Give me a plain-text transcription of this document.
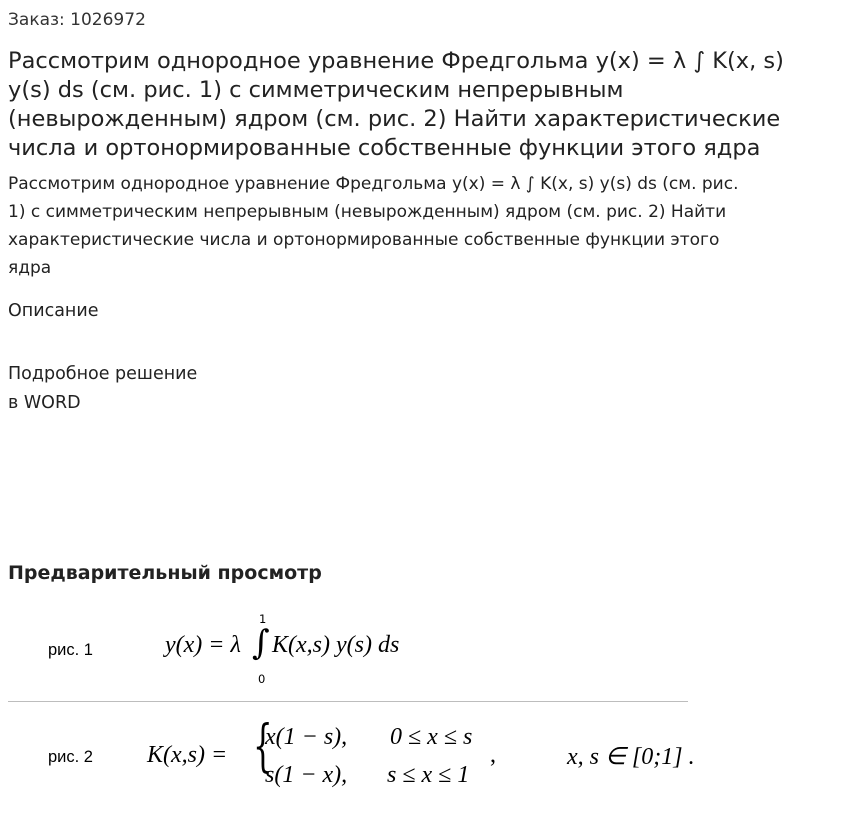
Заказ: 1026972
Рассмотрим однородное уравнение Фредгольма y(x) = λ ∫ K(x, s)
y(s) ds (см. рис. 1) с симметрическим непрерывным
(невырожденным) ядром (см. рис. 2) Найти характеристические
числа и ортонормированные собственные функции этого ядра
Рассмотрим однородное уравнение Фредгольма y(x) = λ ∫ K(x, s) y(s) ds (см. рис.
1) с симметрическим непрерывным (невырожденным) ядром (см. рис. 2) Найти
характеристические числа и ортонормированные собственные функции этого
ядра
Описание
Подробное решение
в WORD
Предварительный просмотр
рис. 1	y(x) = λ
1
∫
0
K(x,s) y(s) ds
рис. 2 K(x,s) = {
x(1 − s), 0 ≤ x ≤ s
s(1 − x), s ≤ x ≤ 1
,	x, s ∈ [0;1] .
